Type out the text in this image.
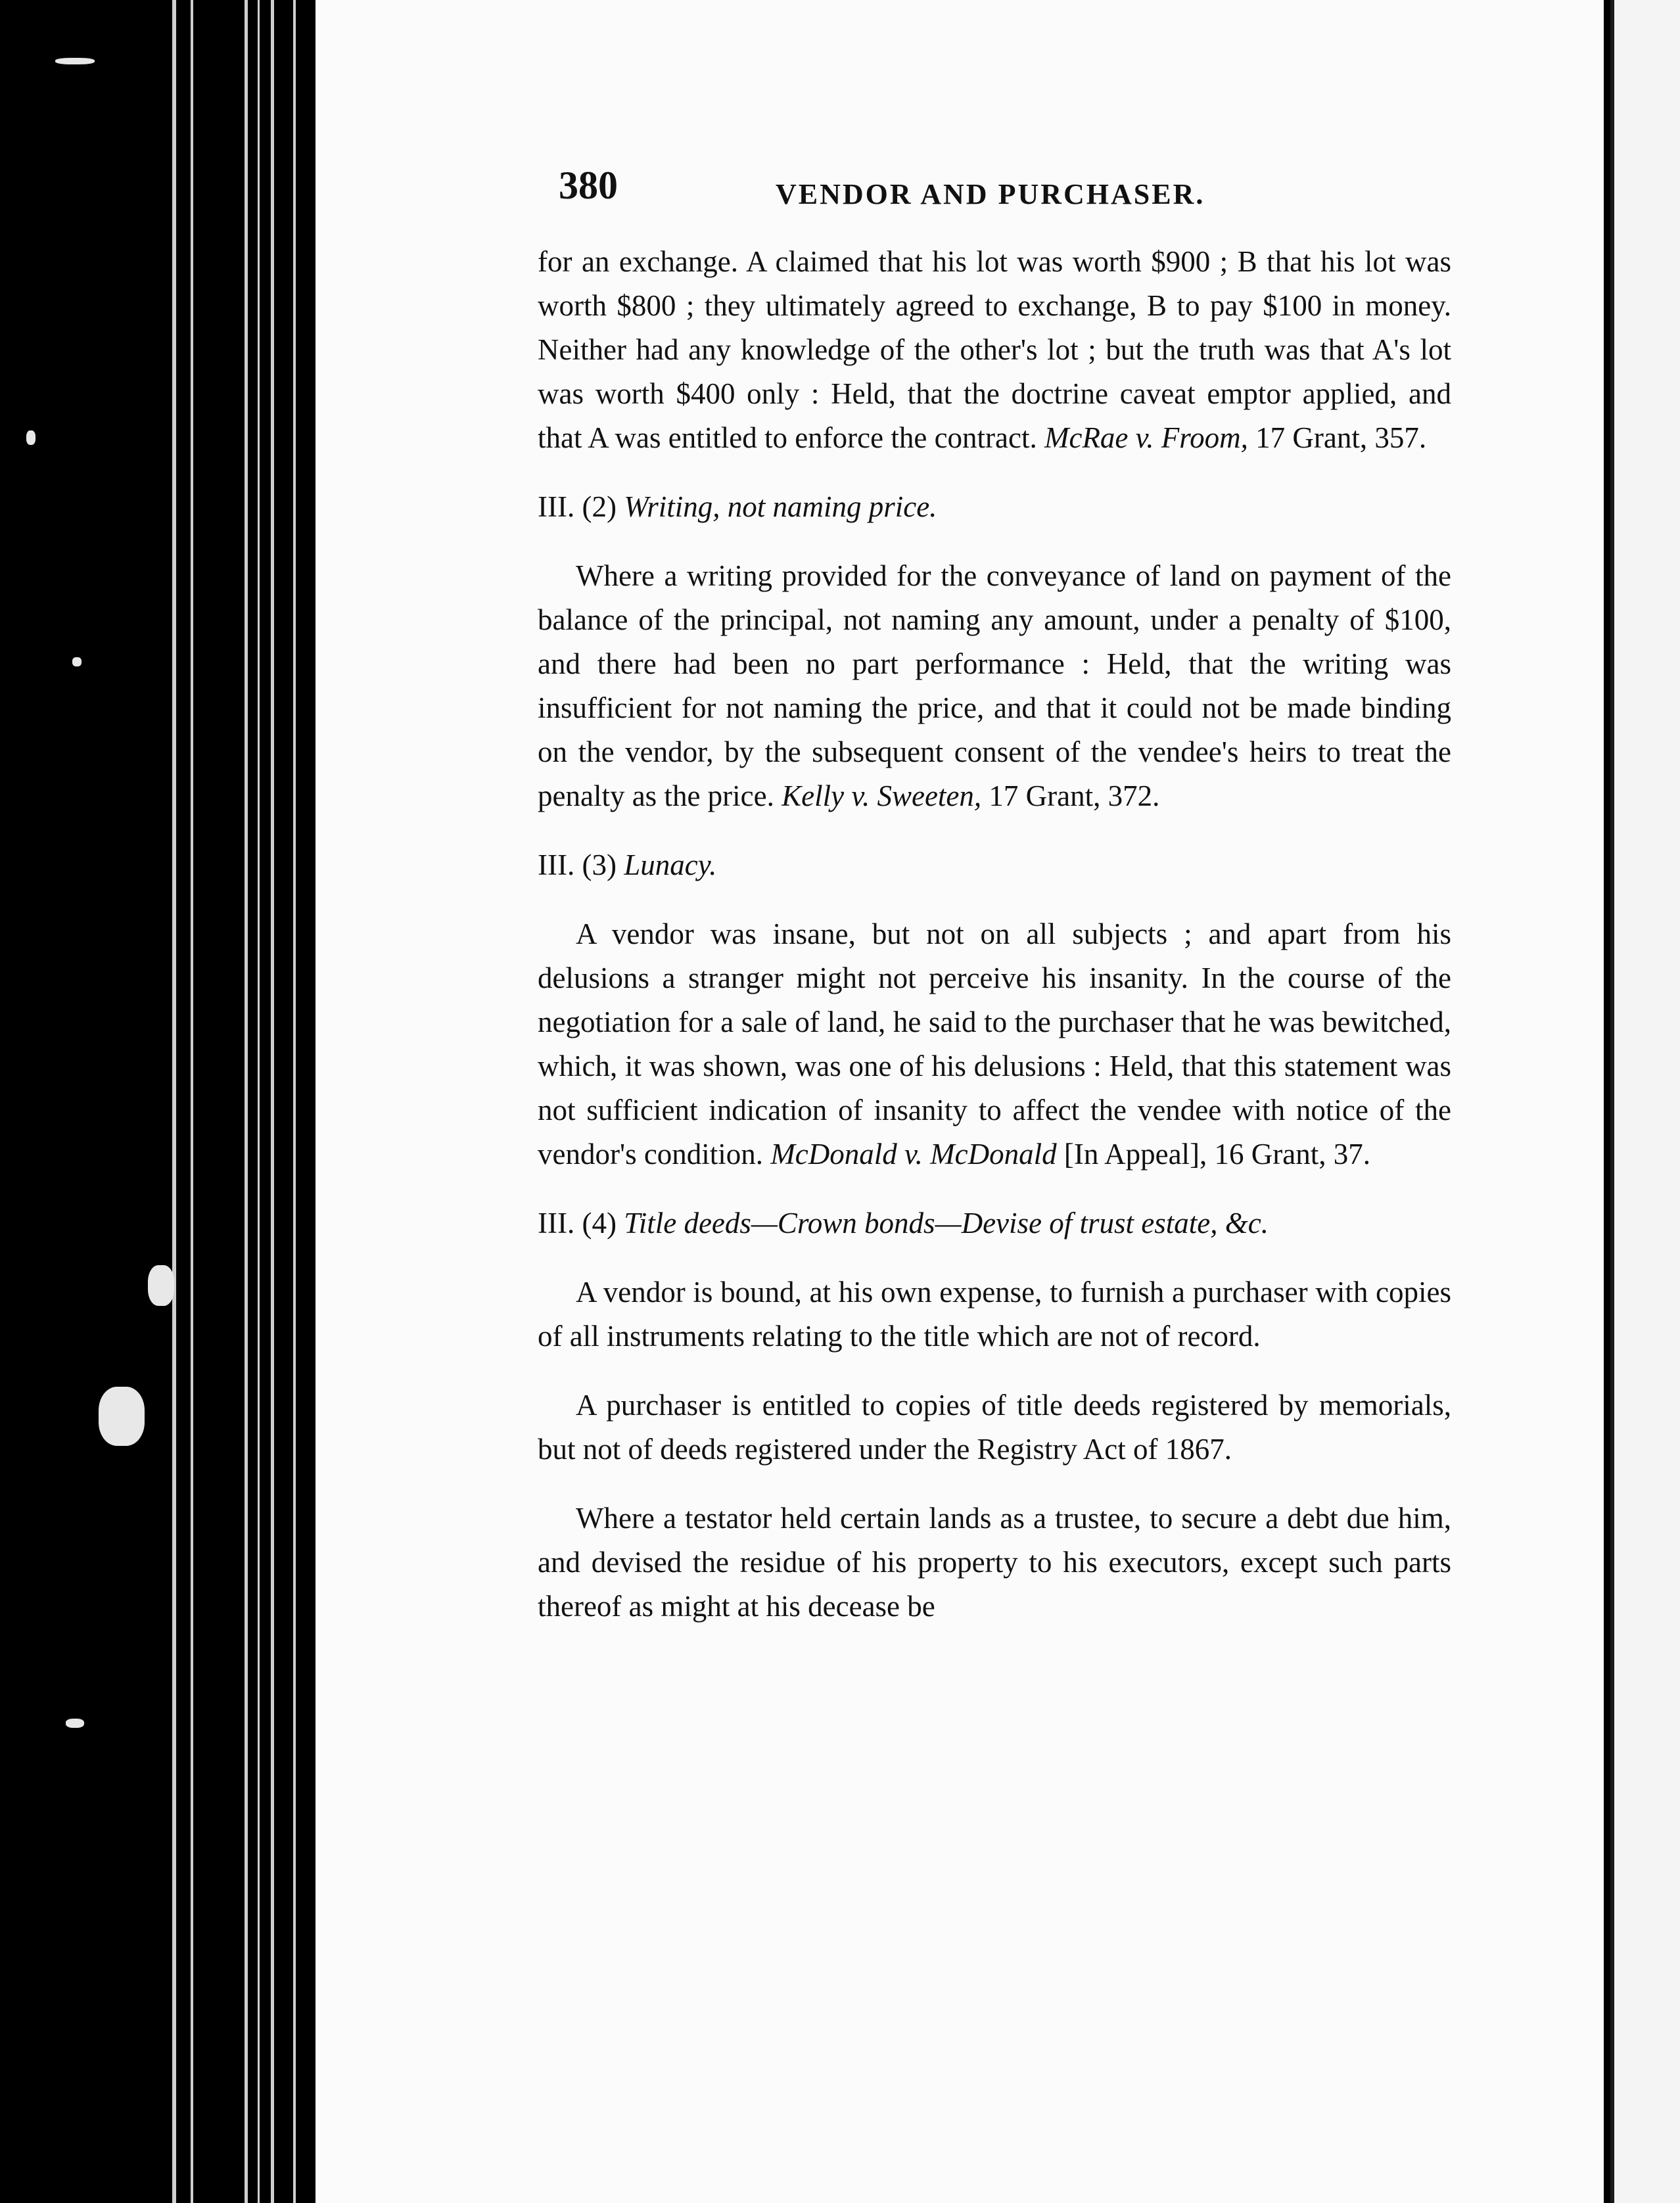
380	VENDOR AND PURCHASER.

for an exchange. A claimed that his lot was worth $900 ; B that his lot was worth $800 ; they ultimately agreed to exchange, B to pay $100 in money. Neither had any knowledge of the other's lot ; but the truth was that A's lot was worth $400 only : Held, that the doctrine caveat emptor applied, and that A was entitled to enforce the contract. McRae v. Froom, 17 Grant, 357.

III. (2) Writing, not naming price.

Where a writing provided for the conveyance of land on payment of the balance of the principal, not naming any amount, under a penalty of $100, and there had been no part performance : Held, that the writing was insufficient for not naming the price, and that it could not be made binding on the vendor, by the subsequent consent of the vendee's heirs to treat the penalty as the price. Kelly v. Sweeten, 17 Grant, 372.

III. (3) Lunacy.

A vendor was insane, but not on all subjects ; and apart from his delusions a stranger might not perceive his insanity. In the course of the negotiation for a sale of land, he said to the purchaser that he was bewitched, which, it was shown, was one of his delusions : Held, that this statement was not sufficient indication of insanity to affect the vendee with notice of the vendor's condition. McDonald v. McDonald [In Appeal], 16 Grant, 37.

III. (4) Title deeds—Crown bonds—Devise of trust estate, &c.

A vendor is bound, at his own expense, to furnish a purchaser with copies of all instruments relating to the title which are not of record.

A purchaser is entitled to copies of title deeds registered by memorials, but not of deeds registered under the Registry Act of 1867.

Where a testator held certain lands as a trustee, to secure a debt due him, and devised the residue of his property to his executors, except such parts thereof as might at his decease be
